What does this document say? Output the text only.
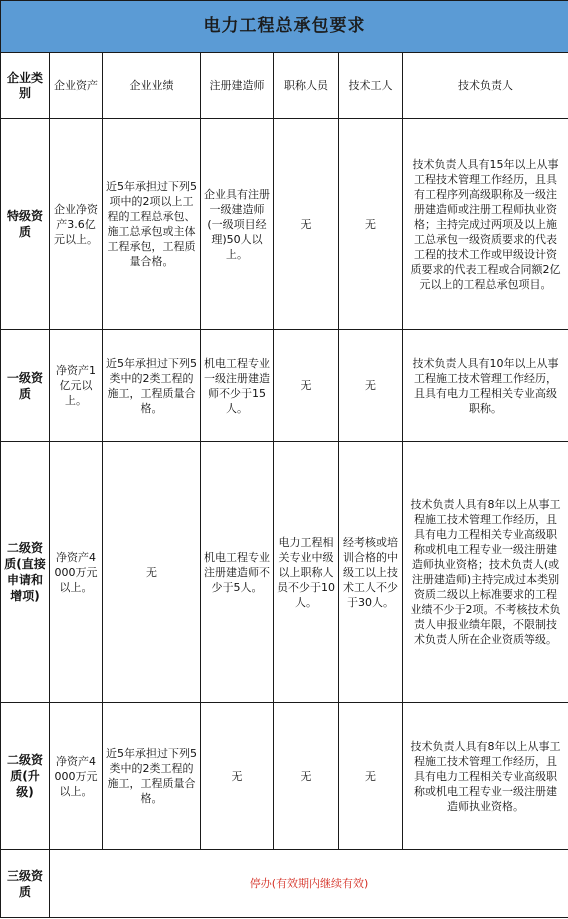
电力工程总承包要求						
企业类别	企业资产	企业业绩	注册建造师	职称人员	技术工人	技术负责人
特级资质	企业净资产3.6亿元以上。	近5年承担过下列5项中的2项以上工程的工程总承包、施工总承包或主体工程承包，工程质量合格。	企业具有注册一级建造师(一级项目经理)50人以上。	无	无	技术负责人具有15年以上从事工程技术管理工作经历，且具有工程序列高级职称及一级注册建造师或注册工程师执业资格；主持完成过两项及以上施工总承包一级资质要求的代表工程的技术工作或甲级设计资质要求的代表工程或合同额2亿元以上的工程总承包项目。
一级资质	净资产1亿元以上。	近5年承担过下列5类中的2类工程的施工，工程质量合格。	机电工程专业一级注册建造师不少于15人。	无	无	技术负责人具有10年以上从事工程施工技术管理工作经历，且具有电力工程相关专业高级职称。
二级资质(直接申请和增项)	净资产4000万元以上。	无	机电工程专业注册建造师不少于5人。	电力工程相关专业中级以上职称人员不少于10人。	经考核或培训合格的中级工以上技术工人不少于30人。	技术负责人具有8年以上从事工程施工技术管理工作经历，且具有电力工程相关专业高级职称或机电工程专业一级注册建造师执业资格；技术负责人(或注册建造师)主持完成过本类别资质二级以上标准要求的工程业绩不少于2项。不考核技术负责人申报业绩年限，不限制技术负责人所在企业资质等级。
二级资质(升级)	净资产4000万元以上。	近5年承担过下列5类中的2类工程的施工，工程质量合格。	无	无	无	技术负责人具有8年以上从事工程施工技术管理工作经历，且具有电力工程相关专业高级职称或机电工程专业一级注册建造师执业资格。
三级资质	停办(有效期内继续有效)					
